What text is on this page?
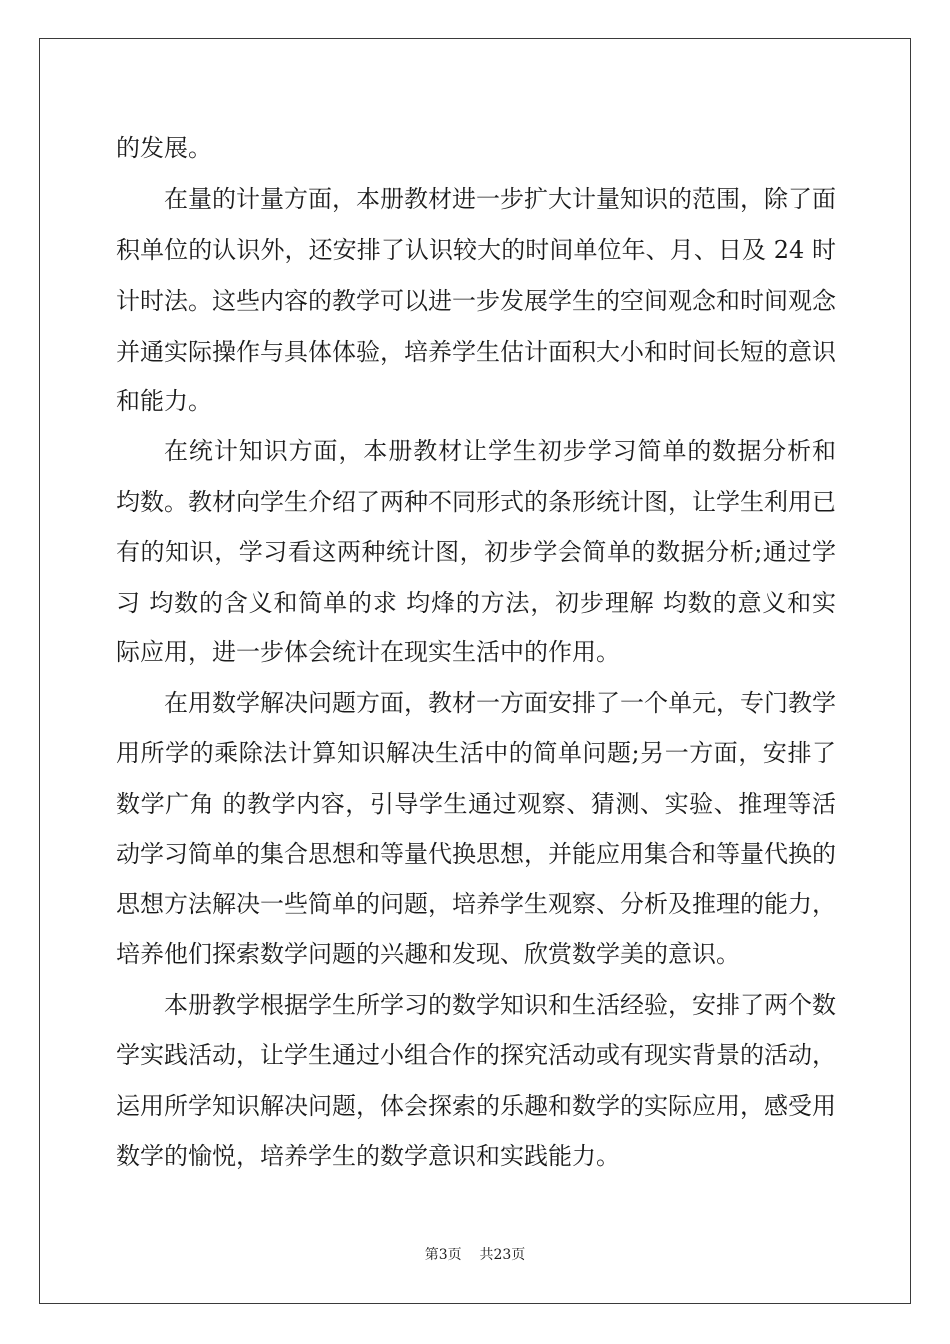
的发展。

在量的计量方面，本册教材进一步扩大计量知识的范围，除了面

积单位的认识外，还安排了认识较大的时间单位年、月、日及 24 时

计时法。这些内容的教学可以进一步发展学生的空间观念和时间观念

并通实际操作与具体体验，培养学生估计面积大小和时间长短的意识

和能力。

在统计知识方面，本册教材让学生初步学习简单的数据分析和

均数。教材向学生介绍了两种不同形式的条形统计图，让学生利用已

有的知识，学习看这两种统计图，初步学会简单的数据分析;通过学

习 均数的含义和简单的求 均烽的方法，初步理解 均数的意义和实

际应用，进一步体会统计在现实生活中的作用。

在用数学解决问题方面，教材一方面安排了一个单元，专门教学

用所学的乘除法计算知识解决生活中的简单问题;另一方面，安排了

数学广角 的教学内容，引导学生通过观察、猜测、实验、推理等活

动学习简单的集合思想和等量代换思想，并能应用集合和等量代换的

思想方法解决一些简单的问题，培养学生观察、分析及推理的能力，

培养他们探索数学问题的兴趣和发现、欣赏数学美的意识。

本册教学根据学生所学习的数学知识和生活经验，安排了两个数

学实践活动，让学生通过小组合作的探究活动或有现实背景的活动，

运用所学知识解决问题，体会探索的乐趣和数学的实际应用，感受用

数学的愉悦，培养学生的数学意识和实践能力。

第3页 共23页
